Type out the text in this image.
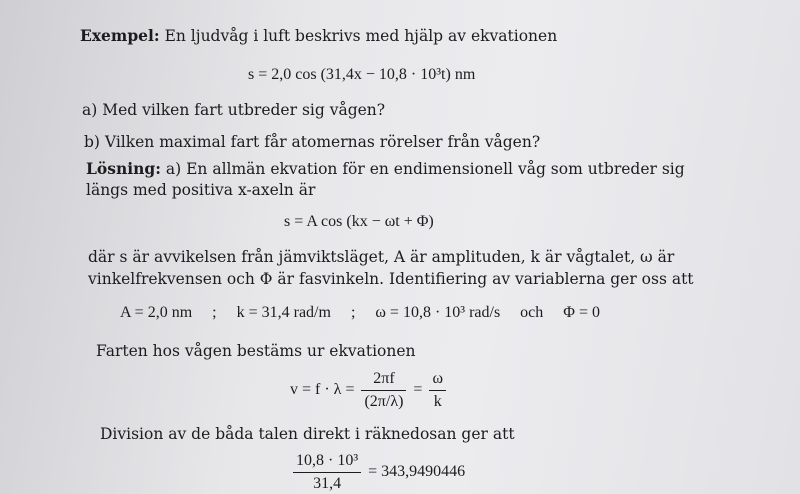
Exempel: En ljudvåg i luft beskrivs med hjälp av ekvationen
s = 2,0 cos (31,4x − 10,8 · 10³t) nm
a) Med vilken fart utbreder sig vågen?
b) Vilken maximal fart får atomernas rörelser från vågen?
Lösning: a) En allmän ekvation för en endimensionell våg som utbreder sig
längs med positiva x-axeln är
s = A cos (kx − ωt + Φ)
där s är avvikelsen från jämviktsläget, A är amplituden, k är vågtalet, ω är
vinkelfrekvensen och Φ är fasvinkeln. Identifiering av variablerna ger oss att
A = 2,0 nm ; k = 31,4 rad/m ; ω = 10,8 · 10³ rad/s och Φ = 0
Farten hos vågen bestäms ur ekvationen
$v = f \cdot \lambda = \frac{2\pi f}{(2\pi/\lambda)} = \frac{\omega}{k}$
Division av de båda talen direkt i räknedosan ger att
$\frac{\text{10,8 · 10³}}{31,4} = 343,9490446$
